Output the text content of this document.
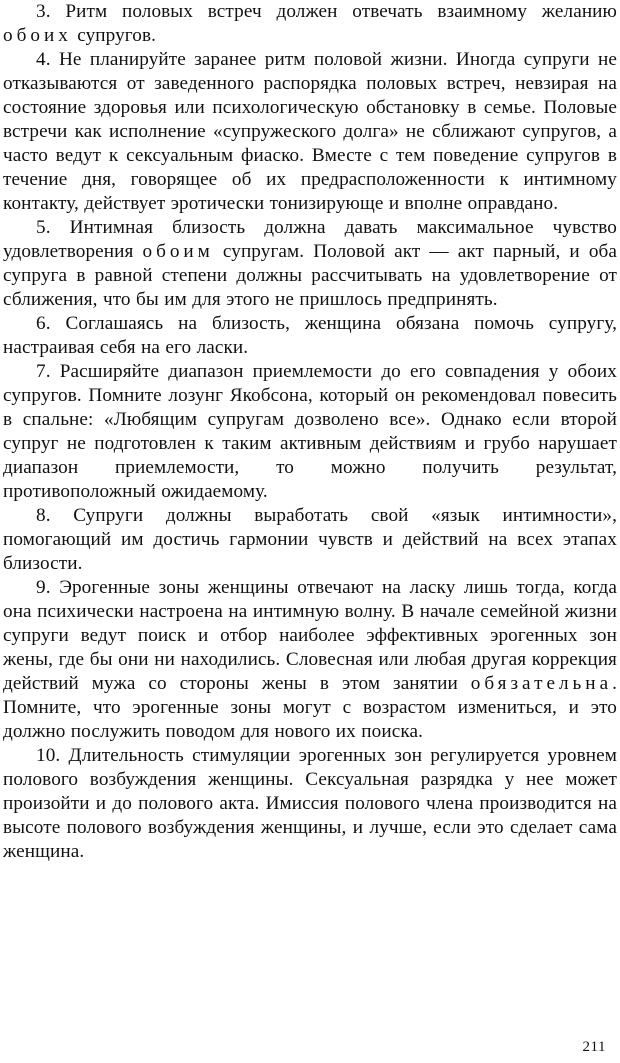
3. Ритм половых встреч должен отвечать взаимному желанию обоих супругов.

4. Не планируйте заранее ритм половой жизни. Иногда супруги не отказываются от заведенного распорядка половых встреч, невзирая на состояние здоровья или психологическую обстановку в семье. Половые встречи как исполнение «супружеского долга» не сближают супругов, а часто ведут к сексуальным фиаско. Вместе с тем поведение супругов в течение дня, говорящее об их предрасположенности к интимному контакту, действует эротически тонизирующе и вполне оправдано.

5. Интимная близость должна давать максимальное чувство удовлетворения обоим супругам. Половой акт — акт парный, и оба супруга в равной степени должны рассчитывать на удовлетворение от сближения, что бы им для этого не пришлось предпринять.

6. Соглашаясь на близость, женщина обязана помочь супругу, настраивая себя на его ласки.

7. Расширяйте диапазон приемлемости до его совпадения у обоих супругов. Помните лозунг Якобсона, который он рекомендовал повесить в спальне: «Любящим супругам дозволено все». Однако если второй супруг не подготовлен к таким активным действиям и грубо нарушает диапазон приемлемости, то можно получить результат, противоположный ожидаемому.

8. Супруги должны выработать свой «язык интимности», помогающий им достичь гармонии чувств и действий на всех этапах близости.

9. Эрогенные зоны женщины отвечают на ласку лишь тогда, когда она психически настроена на интимную волну. В начале семейной жизни супруги ведут поиск и отбор наиболее эффективных эрогенных зон жены, где бы они ни находились. Словесная или любая другая коррекция действий мужа со стороны жены в этом занятии обязательна. Помните, что эрогенные зоны могут с возрастом измениться, и это должно послужить поводом для нового их поиска.

10. Длительность стимуляции эрогенных зон регулируется уровнем полового возбуждения женщины. Сексуальная разрядка у нее может произойти и до полового акта. Имиссия полового члена производится на высоте полового возбуждения женщины, и лучше, если это сделает сама женщина.

211
